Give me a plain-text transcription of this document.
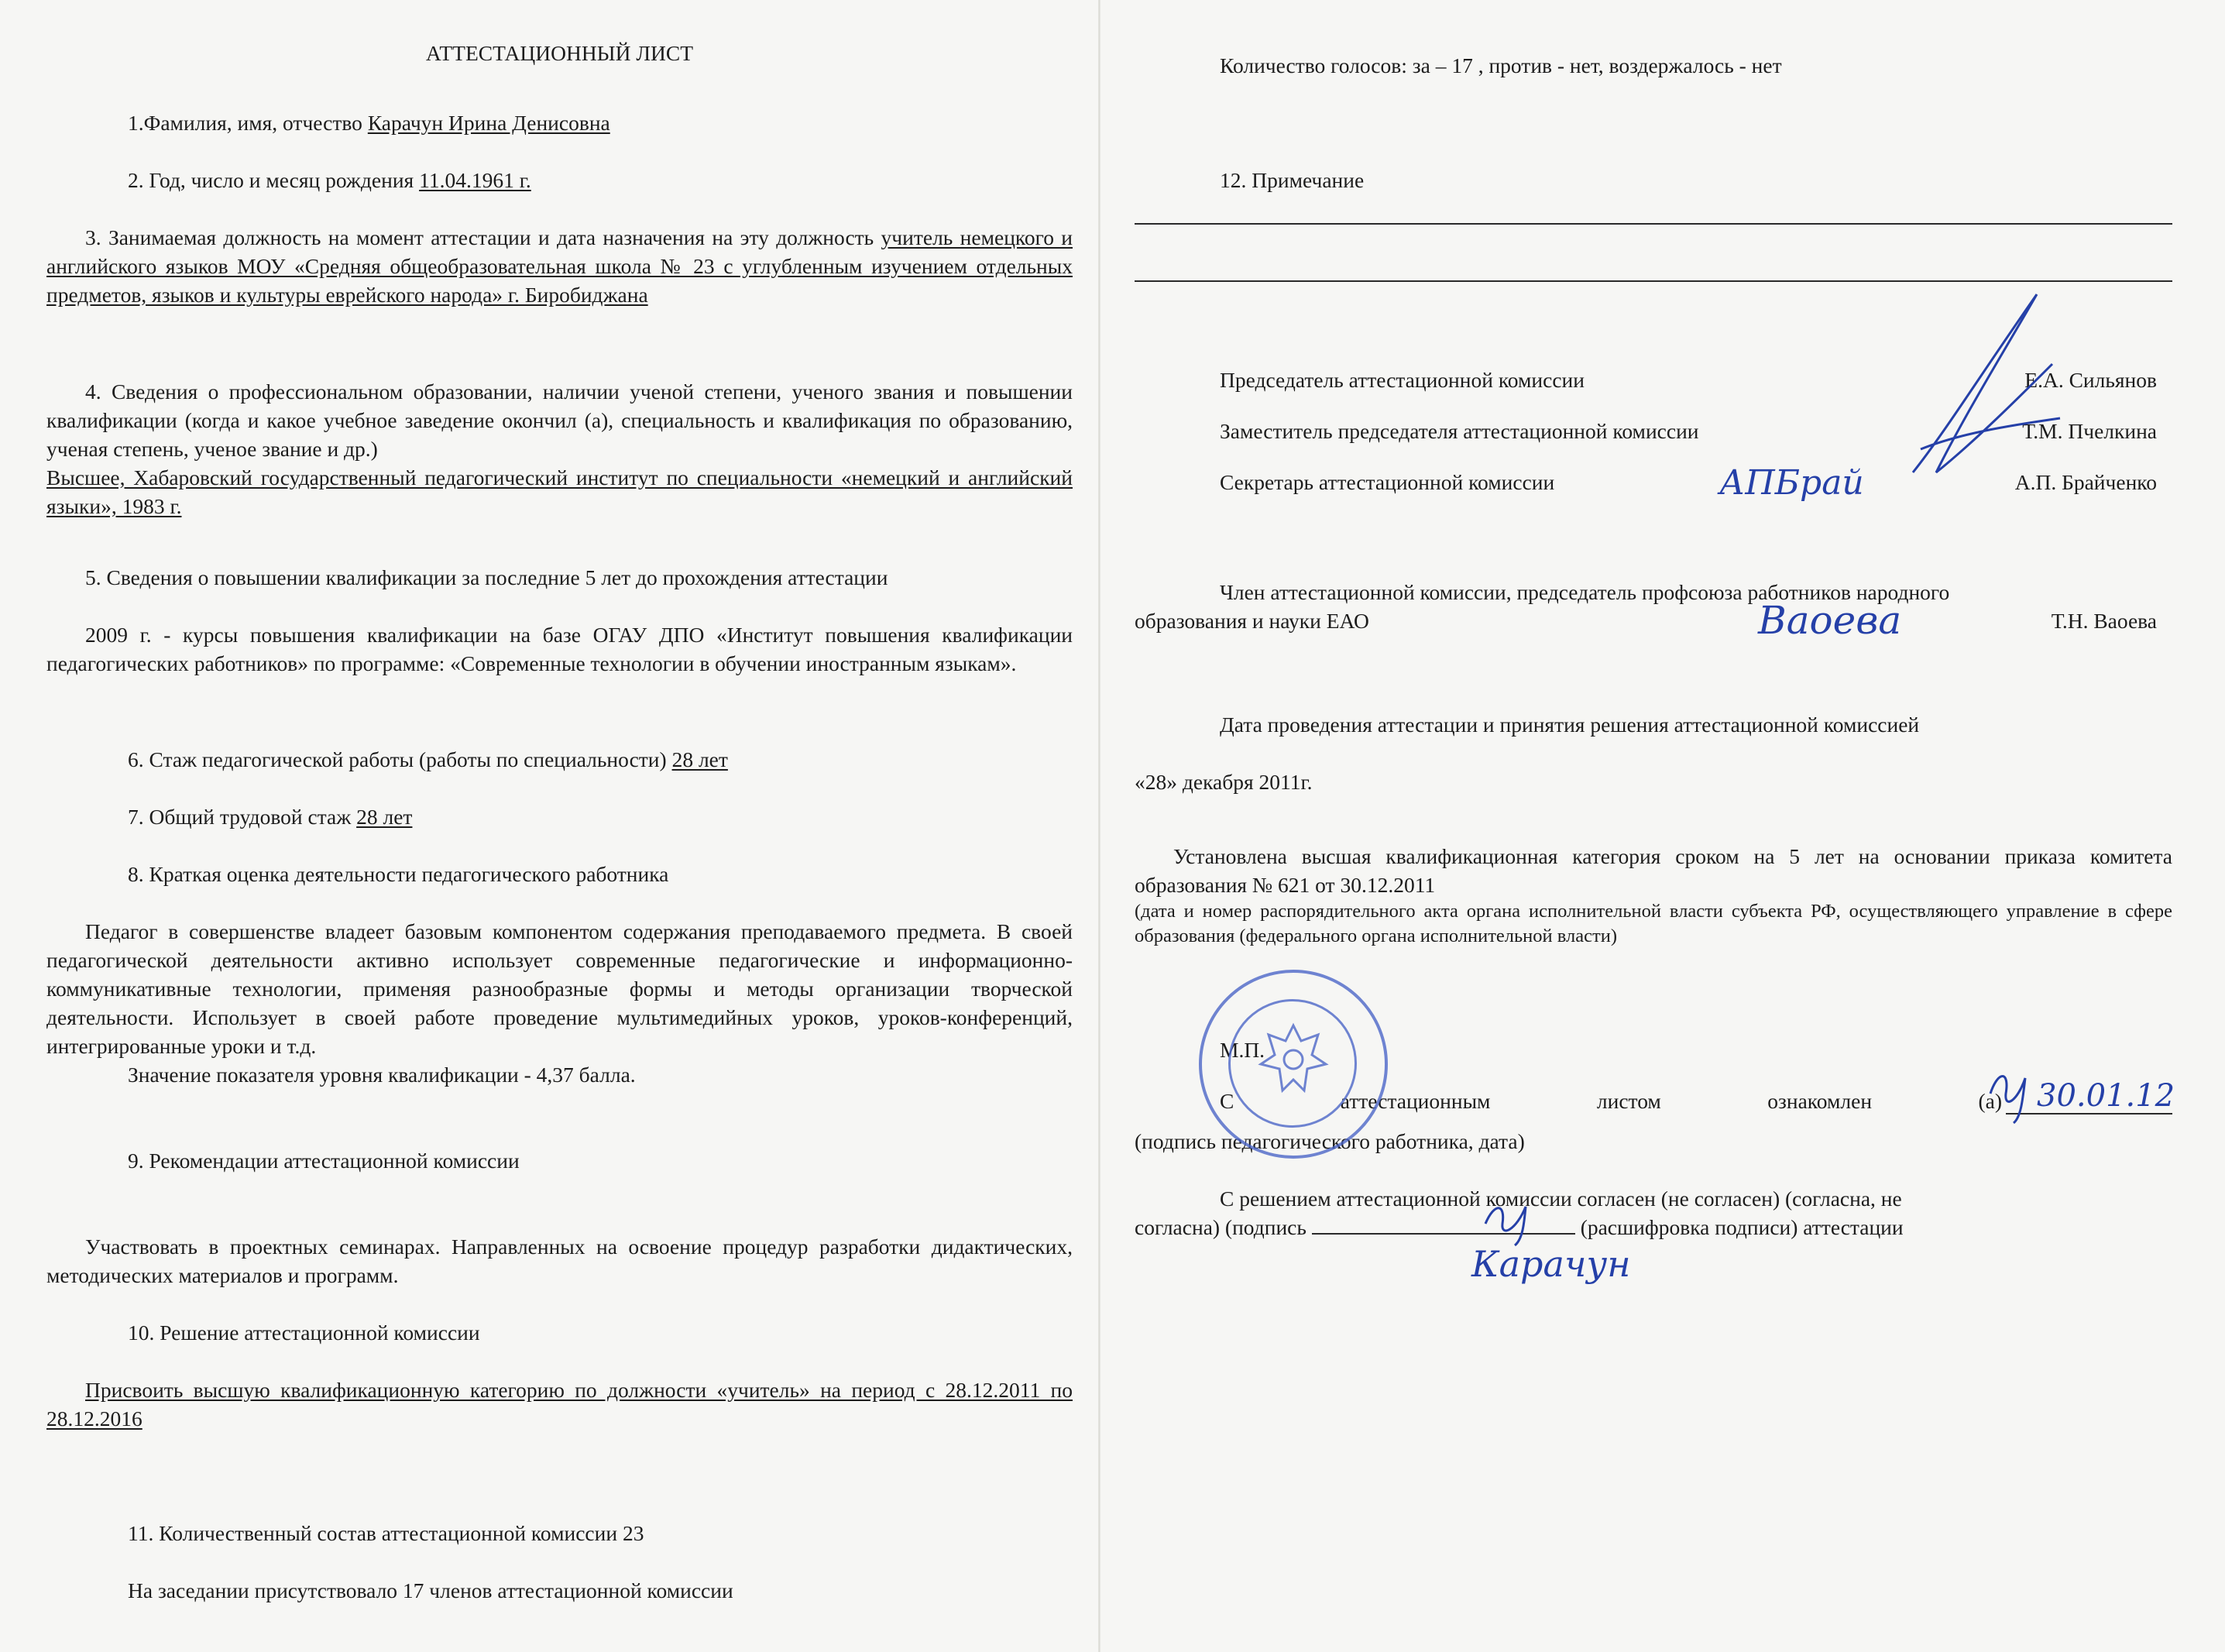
АТТЕСТАЦИОННЫЙ ЛИСТ

1.Фамилия, имя, отчество Карачун Ирина Денисовна

2. Год, число и месяц рождения 11.04.1961 г.

3. Занимаемая должность на момент аттестации и дата назначения на эту должность учитель немецкого и английского языков МОУ «Средняя общеобразовательная школа № 23 с углубленным изучением отдельных предметов, языков и культуры еврейского народа» г. Биробиджана

4. Сведения о профессиональном образовании, наличии ученой степени, ученого звания и повышении квалификации (когда и какое учебное заведение окончил (а), специальность и квалификация по образованию, ученая степень, ученое звание и др.)

Высшее, Хабаровский государственный педагогический институт по специальности «немецкий и английский языки», 1983 г.

5. Сведения о повышении квалификации за последние 5 лет до прохождения аттестации

2009 г. - курсы повышения квалификации на базе ОГАУ ДПО «Институт повышения квалификации педагогических работников» по программе: «Современные технологии в обучении иностранным языкам».

6. Стаж педагогической работы (работы по специальности) 28 лет

7. Общий трудовой стаж 28 лет

8. Краткая оценка деятельности педагогического работника

Педагог в совершенстве владеет базовым компонентом содержания преподаваемого предмета. В своей педагогической деятельности активно использует современные педагогические и информационно-коммуникативные технологии, применяя разнообразные формы и методы организации творческой деятельности. Использует в своей работе проведение мультимедийных уроков, уроков-конференций, интегрированные уроки и т.д.

Значение показателя уровня квалификации - 4,37 балла.

9. Рекомендации аттестационной комиссии

Участвовать в проектных семинарах. Направленных на освоение процедур разработки дидактических, методических материалов и программ.

10. Решение аттестационной комиссии

Присвоить высшую квалификационную категорию по должности «учитель» на период с 28.12.2011 по 28.12.2016

11. Количественный состав аттестационной комиссии 23

На заседании присутствовало 17 членов аттестационной комиссии

Количество голосов: за – 17 , против - нет, воздержалось - нет

12. Примечание

Председатель аттестационной комиссии	Е.А. Сильянов
Заместитель председателя аттестационной комиссии	Т.М. Пчелкина
Секретарь аттестационной комиссии	А.П. Брайченко

Член аттестационной комиссии, председатель профсоюза работников народного

образования и науки ЕАО	Т.Н. Ваоева

Дата проведения аттестации и принятия решения аттестационной комиссией

«28» декабря 2011г.

Установлена высшая квалификационная категория сроком на 5 лет на основании приказа комитета образования № 621 от 30.12.2011

(дата и номер распорядительного акта органа исполнительной власти субъекта РФ, осуществляющего управление в сфере образования (федерального органа исполнительной власти)

М.П.

С аттестационным листом ознакомлен (а)

(подпись педагогического работника, дата)

С решением аттестационной комиссии согласен (не согласен) (согласна, не

согласна) (подпись	(расшифровка подписи) аттестации

АПБрай
Ваоева
30.01.12
Карачун
